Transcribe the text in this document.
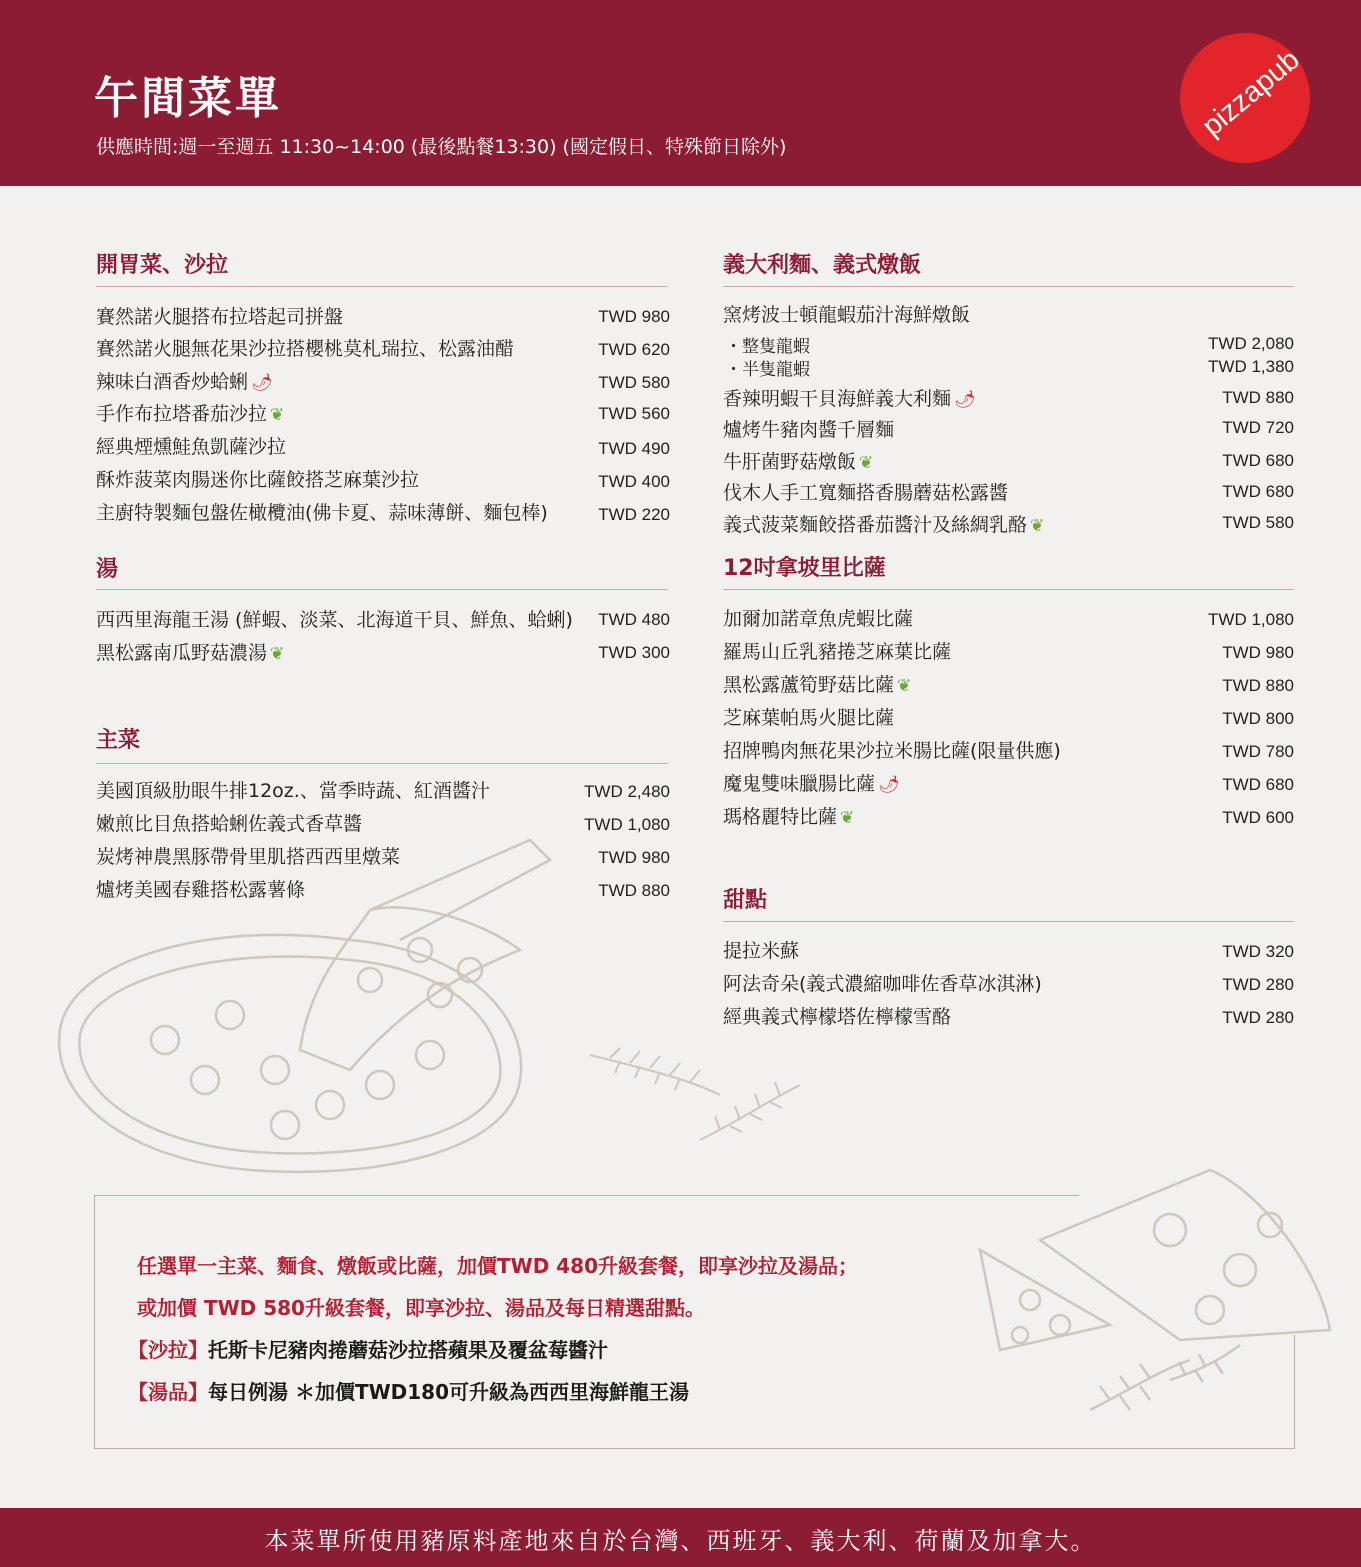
午間菜單
供應時間:週一至週五 11:30~14:00 (最後點餐13:30) (國定假日、特殊節日除外)
pizzapub
開胃菜、沙拉
賽然諾火腿搭布拉塔起司拼盤	TWD 980
賽然諾火腿無花果沙拉搭櫻桃莫札瑞拉、松露油醋	TWD 620
辣味白酒香炒蛤蜊 🌶	TWD 580
手作布拉塔番茄沙拉 ❦	TWD 560
經典煙燻鮭魚凱薩沙拉	TWD 490
酥炸菠菜肉腸迷你比薩餃搭芝麻葉沙拉	TWD 400
主廚特製麵包盤佐橄欖油(佛卡夏、蒜味薄餅、麵包棒)	TWD 220
湯
西西里海龍王湯 (鮮蝦、淡菜、北海道干貝、鮮魚、蛤蜊) TWD 480
黑松露南瓜野菇濃湯 ❦	TWD 300
主菜
美國頂級肋眼牛排12oz.、當季時蔬、紅酒醬汁	TWD 2,480
嫩煎比目魚搭蛤蜊佐義式香草醬	TWD 1,080
炭烤神農黑豚帶骨里肌搭西西里燉菜	TWD 980
爐烤美國春雞搭松露薯條	TWD 880
義大利麵、義式燉飯
窯烤波士頓龍蝦茄汁海鮮燉飯
・整隻龍蝦	TWD 2,080
・半隻龍蝦	TWD 1,380
香辣明蝦干貝海鮮義大利麵 🌶	TWD 880
爐烤牛豬肉醬千層麵	TWD 720
牛肝菌野菇燉飯 ❦	TWD 680
伐木人手工寬麵搭香腸蘑菇松露醬	TWD 680
義式菠菜麵餃搭番茄醬汁及絲綢乳酪 ❦	TWD 580
12吋拿坡里比薩
加爾加諾章魚虎蝦比薩	TWD 1,080
羅馬山丘乳豬捲芝麻葉比薩	TWD 980
黑松露蘆筍野菇比薩 ❦	TWD 880
芝麻葉帕馬火腿比薩	TWD 800
招牌鴨肉無花果沙拉米腸比薩(限量供應)	TWD 780
魔鬼雙味臘腸比薩 🌶	TWD 680
瑪格麗特比薩 ❦	TWD 600
甜點
提拉米蘇	TWD 320
阿法奇朵(義式濃縮咖啡佐香草冰淇淋)	TWD 280
經典義式檸檬塔佐檸檬雪酪	TWD 280
任選單一主菜、麵食、燉飯或比薩，加價TWD 480升級套餐，即享沙拉及湯品；
或加價 TWD 580升級套餐，即享沙拉、湯品及每日精選甜點。
【沙拉】托斯卡尼豬肉捲蘑菇沙拉搭蘋果及覆盆莓醬汁
【湯品】每日例湯 ＊加價TWD180可升級為西西里海鮮龍王湯
本菜單所使用豬原料產地來自於台灣、西班牙、義大利、荷蘭及加拿大。
